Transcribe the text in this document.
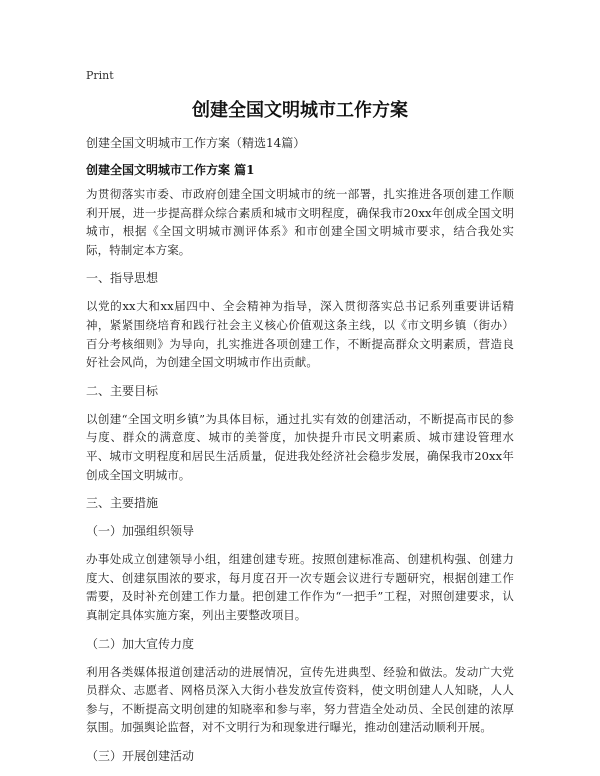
Print
创建全国文明城市工作方案

创建全国文明城市工作方案（精选14篇）

创建全国文明城市工作方案 篇1

为贯彻落实市委、市政府创建全国文明城市的统一部署，扎实推进各项创建工作顺利开展，进一步提高群众综合素质和城市文明程度，确保我市20xx年创成全国文明城市，根据《全国文明城市测评体系》和市创建全国文明城市要求，结合我处实际，特制定本方案。

一、指导思想

以党的xx大和xx届四中、全会精神为指导，深入贯彻落实总书记系列重要讲话精神，紧紧围绕培育和践行社会主义核心价值观这条主线，以《市文明乡镇（街办）百分考核细则》为导向，扎实推进各项创建工作，不断提高群众文明素质，营造良好社会风尚，为创建全国文明城市作出贡献。

二、主要目标

以创建“全国文明乡镇”为具体目标，通过扎实有效的创建活动，不断提高市民的参与度、群众的满意度、城市的美誉度，加快提升市民文明素质、城市建设管理水平、城市文明程度和居民生活质量，促进我处经济社会稳步发展，确保我市20xx年创成全国文明城市。

三、主要措施

（一）加强组织领导

办事处成立创建领导小组，组建创建专班。按照创建标准高、创建机构强、创建力度大、创建氛围浓的要求，每月度召开一次专题会议进行专题研究，根据创建工作需要，及时补充创建工作力量。把创建工作作为“一把手”工程，对照创建要求，认真制定具体实施方案，列出主要整改项目。

（二）加大宣传力度

利用各类媒体报道创建活动的进展情况，宣传先进典型、经验和做法。发动广大党员群众、志愿者、网格员深入大街小巷发放宣传资料，使文明创建人人知晓，人人参与，不断提高文明创建的知晓率和参与率，努力营造全处动员、全民创建的浓厚氛围。加强舆论监督，对不文明行为和现象进行曝光，推动创建活动顺利开展。

（三）开展创建活动
